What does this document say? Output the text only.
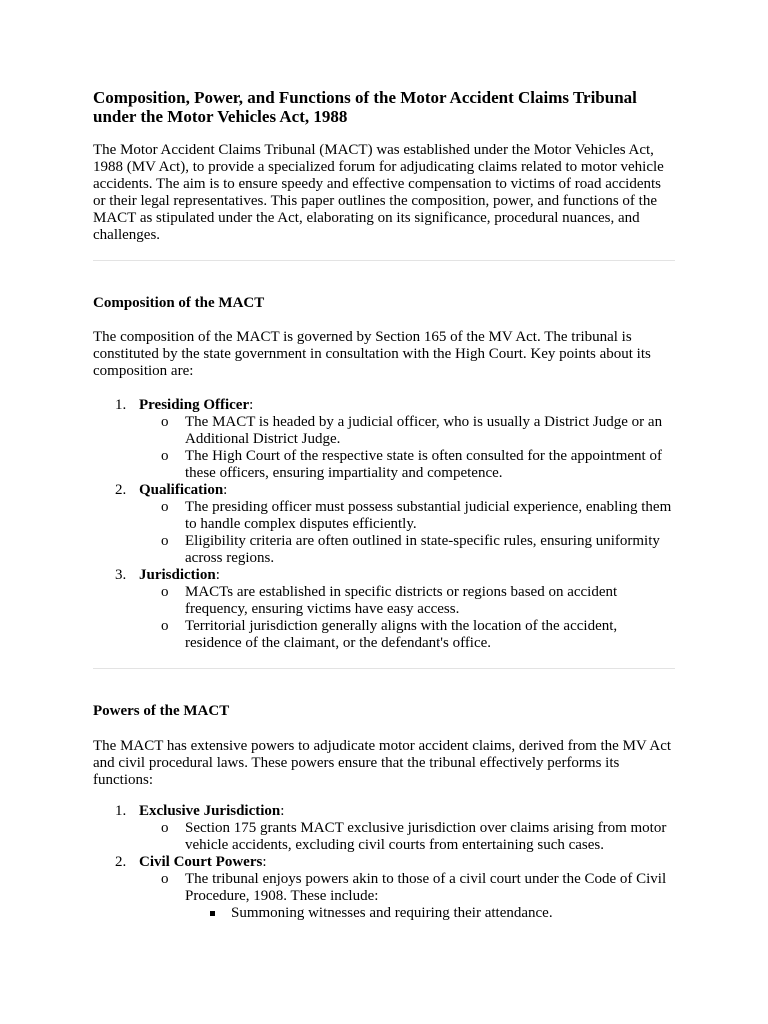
Composition, Power, and Functions of the Motor Accident Claims Tribunal under the Motor Vehicles Act, 1988

The Motor Accident Claims Tribunal (MACT) was established under the Motor Vehicles Act, 1988 (MV Act), to provide a specialized forum for adjudicating claims related to motor vehicle accidents. The aim is to ensure speedy and effective compensation to victims of road accidents or their legal representatives. This paper outlines the composition, power, and functions of the MACT as stipulated under the Act, elaborating on its significance, procedural nuances, and challenges.

Composition of the MACT

The composition of the MACT is governed by Section 165 of the MV Act. The tribunal is constituted by the state government in consultation with the High Court. Key points about its composition are:

1. Presiding Officer:
o The MACT is headed by a judicial officer, who is usually a District Judge or an Additional District Judge.
o The High Court of the respective state is often consulted for the appointment of these officers, ensuring impartiality and competence.
2. Qualification:
o The presiding officer must possess substantial judicial experience, enabling them to handle complex disputes efficiently.
o Eligibility criteria are often outlined in state-specific rules, ensuring uniformity across regions.
3. Jurisdiction:
o MACTs are established in specific districts or regions based on accident frequency, ensuring victims have easy access.
o Territorial jurisdiction generally aligns with the location of the accident, residence of the claimant, or the defendant's office.
Powers of the MACT

The MACT has extensive powers to adjudicate motor accident claims, derived from the MV Act and civil procedural laws. These powers ensure that the tribunal effectively performs its functions:

1. Exclusive Jurisdiction:
o Section 175 grants MACT exclusive jurisdiction over claims arising from motor vehicle accidents, excluding civil courts from entertaining such cases.
2. Civil Court Powers:
o The tribunal enjoys powers akin to those of a civil court under the Code of Civil Procedure, 1908. These include:
Summoning witnesses and requiring their attendance.
